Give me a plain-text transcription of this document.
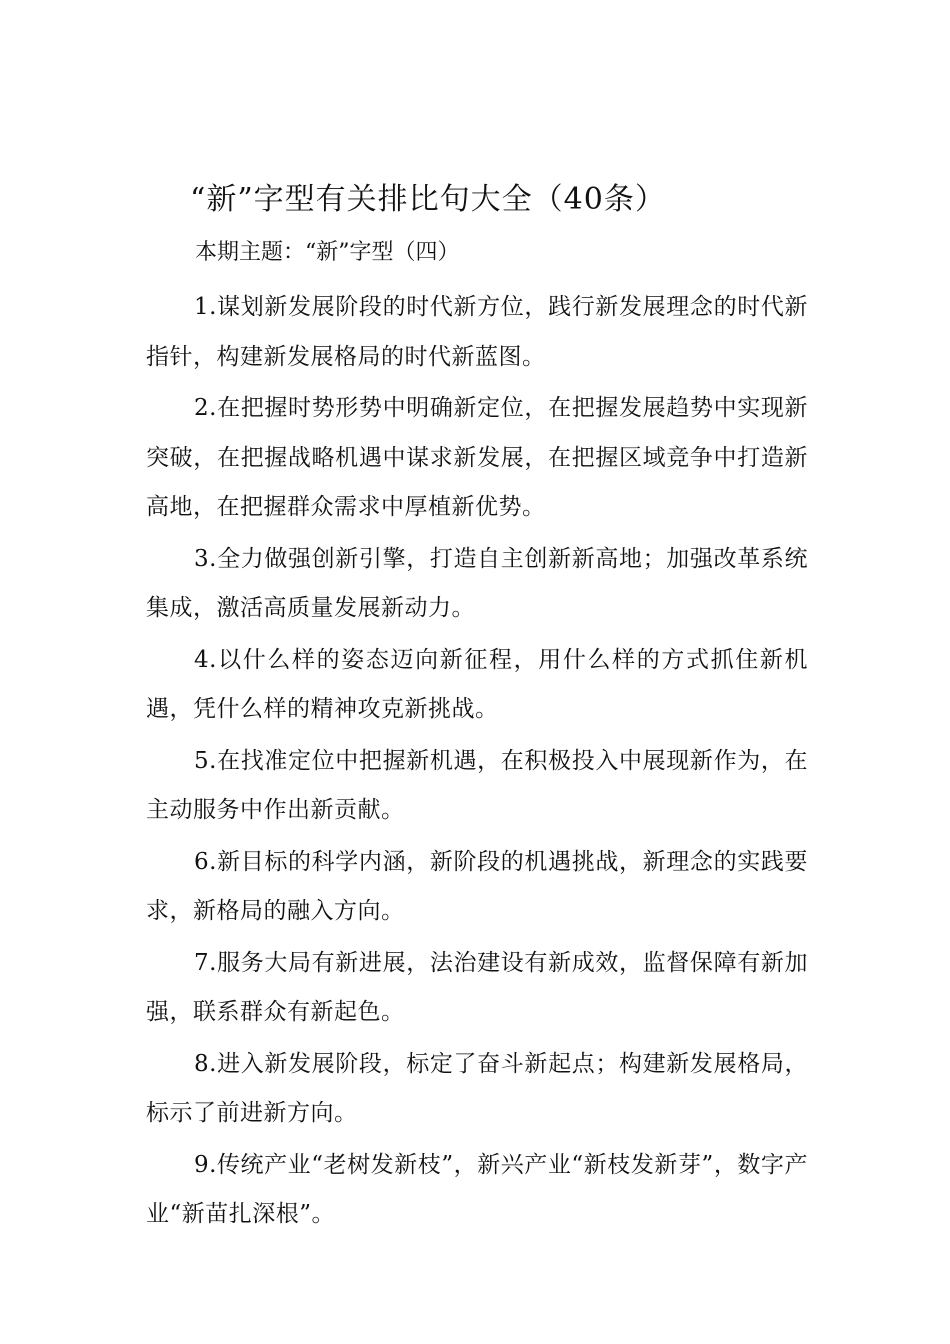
“新”字型有关排比句大全（40条）
本期主题：“新”字型（四）
1.谋划新发展阶段的时代新方位，践行新发展理念的时代新指针，构建新发展格局的时代新蓝图。
2.在把握时势形势中明确新定位，在把握发展趋势中实现新突破，在把握战略机遇中谋求新发展，在把握区域竞争中打造新高地，在把握群众需求中厚植新优势。
3.全力做强创新引擎，打造自主创新新高地；加强改革系统集成，激活高质量发展新动力。
4.以什么样的姿态迈向新征程，用什么样的方式抓住新机遇，凭什么样的精神攻克新挑战。
5.在找准定位中把握新机遇，在积极投入中展现新作为，在主动服务中作出新贡献。
6.新目标的科学内涵，新阶段的机遇挑战，新理念的实践要求，新格局的融入方向。
7.服务大局有新进展，法治建设有新成效，监督保障有新加强，联系群众有新起色。
8.进入新发展阶段，标定了奋斗新起点；构建新发展格局，标示了前进新方向。
9.传统产业“老树发新枝”，新兴产业“新枝发新芽”，数字产业“新苗扎深根”。
